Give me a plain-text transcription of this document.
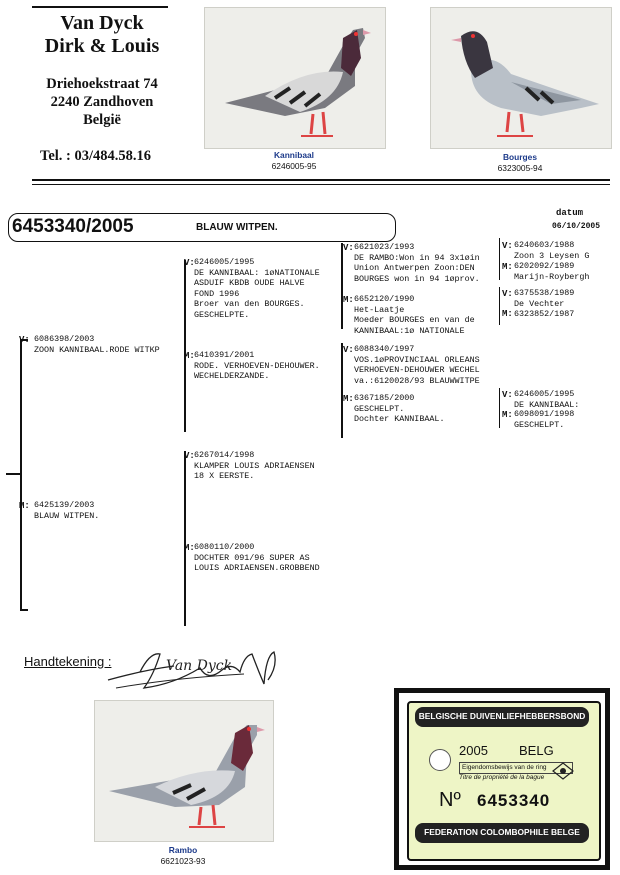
Van Dyck
Dirk & Louis
Driehoekstraat 74
2240 Zandhoven
België
Tel. : 03/484.58.16	Kannibaal
6246005-95
Bourges
6323005-94
6453340/2005	BLAUW WITPEN.
datum
06/10/2005
V: 6086398/2003
ZOON KANNIBAAL.RODE WITKP
M: 6425139/2003
BLAUW WITPEN.
V: 6246005/1995
DE KANNIBAAL: 1øNATIONALE
ASDUIF KBDB OUDE HALVE
FOND 1996
Broer van den BOURGES.
GESCHELPTE.
M: 6410391/2001
RODE. VERHOEVEN-DEHOUWER.
WECHELDERZANDE.
V: 6267014/1998
KLAMPER LOUIS ADRIAENSEN
18 X EERSTE.
M: 6080110/2000
DOCHTER 091/96 SUPER AS
LOUIS ADRIAENSEN.GROBBEND
V: 6621023/1993
DE RAMBO:Won in 94 3x1øin
Union Antwerpen Zoon:DEN
BOURGES won in 94 1øprov.
M: 6652120/1990
Het-Laatje
Moeder BOURGES en van de
KANNIBAAL:1ø NATIONALE
V: 6088340/1997
VOS.1øPROVINCIAAL ORLEANS
VERHOEVEN-DEHOUWER WECHEL
va.:6120028/93 BLAUWWITPE
M: 6367185/2000
GESCHELPT.
Dochter KANNIBAAL.
V: 6240603/1988
Zoon 3 Leysen G
M: 6202092/1989
Marijn-Roybergh
V: 6375538/1989
De Vechter
M: 6323852/1987
V: 6246005/1995
DE KANNIBAAL:
M: 6098091/1998
GESCHELPT.
Handtekening :	Van Dyck
Rambo
6621023-93
BELGISCHE DUIVENLIEFHEBBERSBOND
2005 BELG
Eigendomsbewijs van de ring
Titre de propriété de la bague
Nº 6453340
FEDERATION COLOMBOPHILE BELGE
